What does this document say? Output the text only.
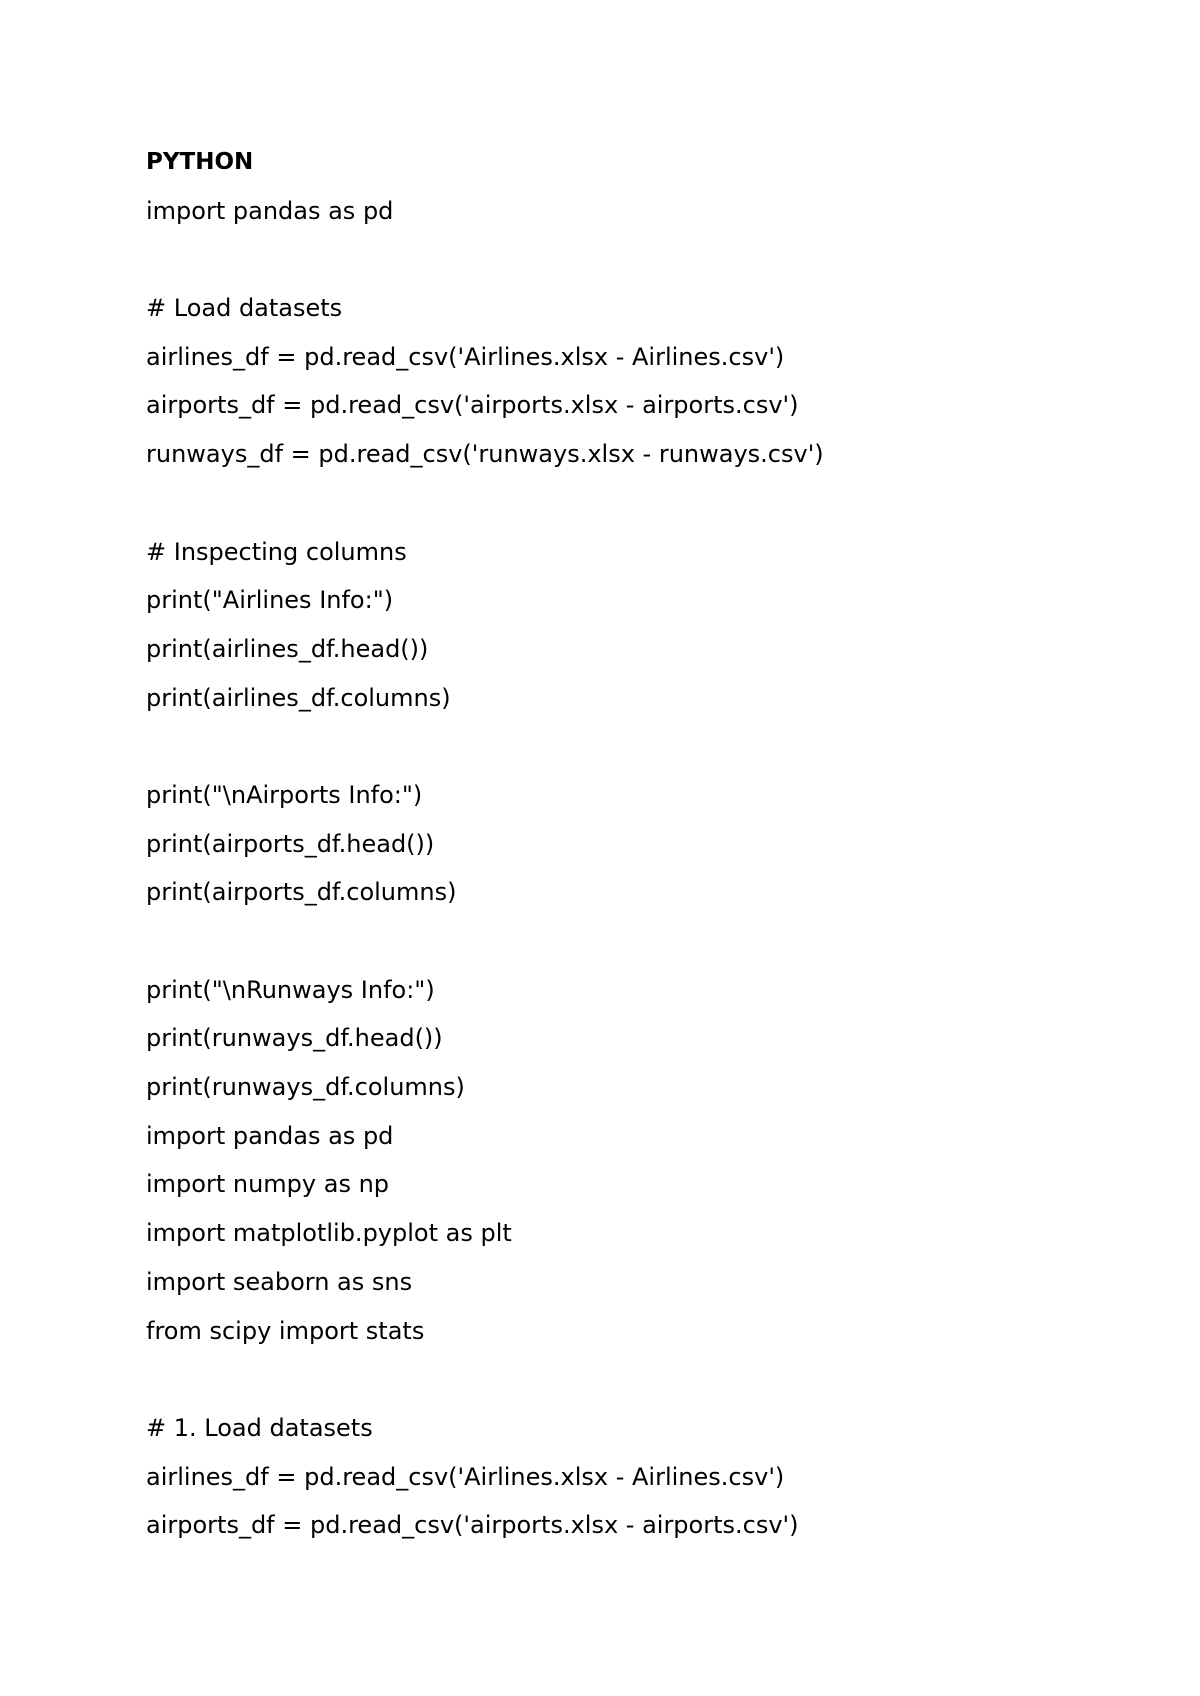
PYTHON
import pandas as pd
# Load datasets
airlines_df = pd.read_csv('Airlines.xlsx - Airlines.csv')
airports_df = pd.read_csv('airports.xlsx - airports.csv')
runways_df = pd.read_csv('runways.xlsx - runways.csv')
# Inspecting columns
print("Airlines Info:")
print(airlines_df.head())
print(airlines_df.columns)
print("\nAirports Info:")
print(airports_df.head())
print(airports_df.columns)
print("\nRunways Info:")
print(runways_df.head())
print(runways_df.columns)
import pandas as pd
import numpy as np
import matplotlib.pyplot as plt
import seaborn as sns
from scipy import stats
# 1. Load datasets
airlines_df = pd.read_csv('Airlines.xlsx - Airlines.csv')
airports_df = pd.read_csv('airports.xlsx - airports.csv')
